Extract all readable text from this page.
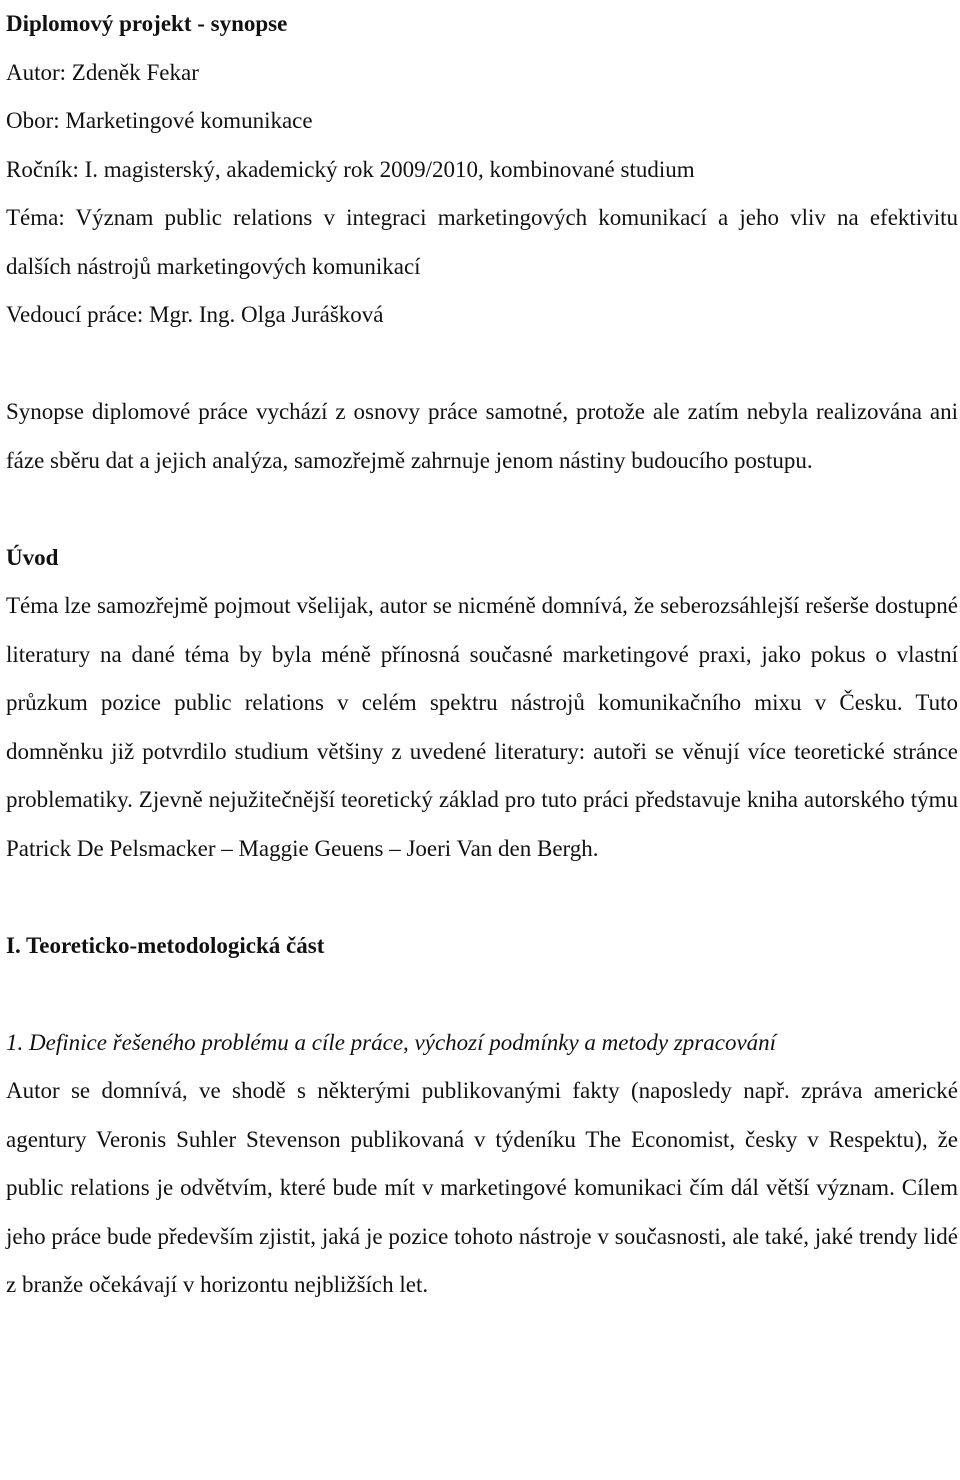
Diplomový projekt - synopse

Autor: Zdeněk Fekar

Obor: Marketingové komunikace

Ročník: I. magisterský, akademický rok 2009/2010, kombinované studium

Téma: Význam public relations v integraci marketingových komunikací a jeho vliv na efektivitu dalších nástrojů marketingových komunikací

Vedoucí práce: Mgr. Ing. Olga Jurášková

Synopse diplomové práce vychází z osnovy práce samotné, protože ale zatím nebyla realizována ani fáze sběru dat a jejich analýza, samozřejmě zahrnuje jenom nástiny budoucího postupu.

Úvod

Téma lze samozřejmě pojmout všelijak, autor se nicméně domnívá, že seberozsáhlejší rešerše dostupné literatury na dané téma by byla méně přínosná současné marketingové praxi, jako pokus o vlastní průzkum pozice public relations v celém spektru nástrojů komunikačního mixu v Česku. Tuto domněnku již potvrdilo studium většiny z uvedené literatury: autoři se věnují více teoretické stránce problematiky. Zjevně nejužitečnější teoretický základ pro tuto práci představuje kniha autorského týmu Patrick De Pelsmacker – Maggie Geuens – Joeri Van den Bergh.

I. Teoreticko-metodologická část

1. Definice řešeného problému a cíle práce, výchozí podmínky a metody zpracování

Autor se domnívá, ve shodě s některými publikovanými fakty (naposledy např. zpráva americké agentury Veronis Suhler Stevenson publikovaná v týdeníku The Economist, česky v Respektu), že public relations je odvětvím, které bude mít v marketingové komunikaci čím dál větší význam. Cílem jeho práce bude především zjistit, jaká je pozice tohoto nástroje v současnosti, ale také, jaké trendy lidé z branže očekávají v horizontu nejbližších let.
